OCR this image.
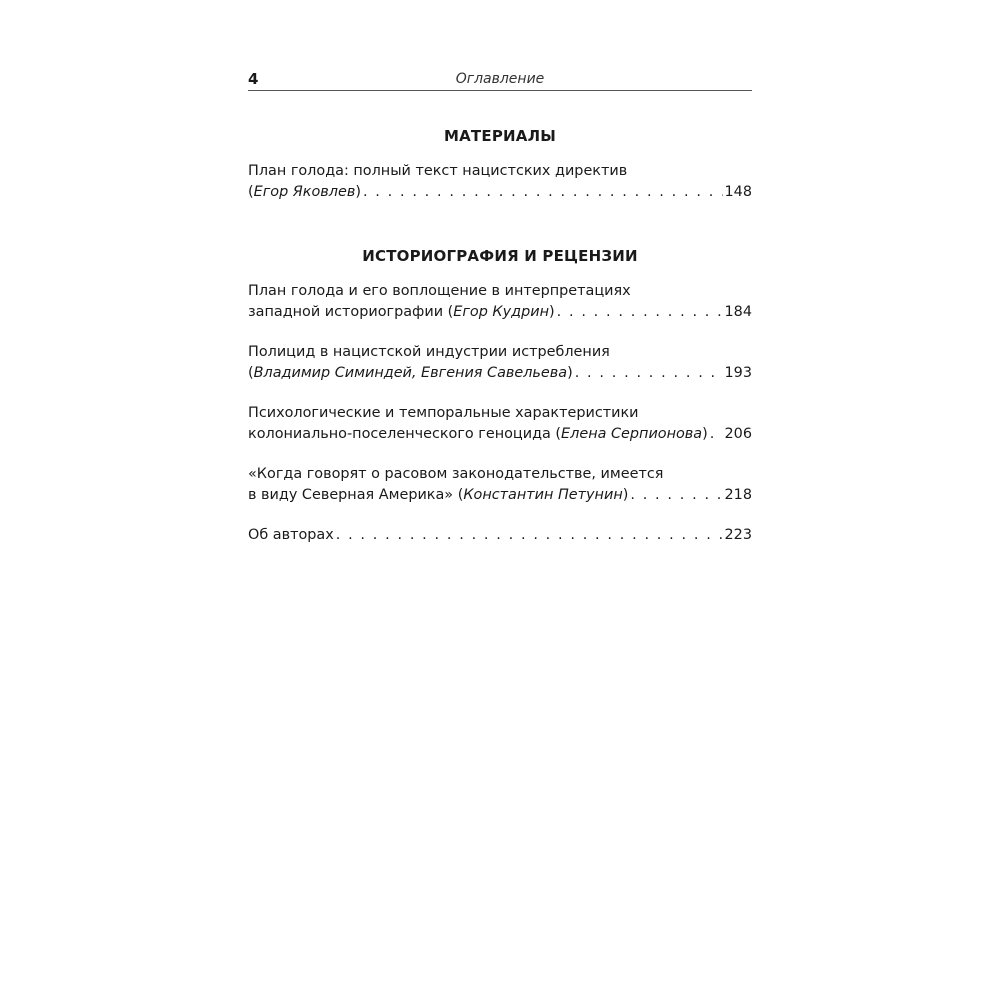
4	Оглавление
МАТЕРИАЛЫ
План голода: полный текст нацистских директив
(Егор Яковлев) . . .	148
ИСТОРИОГРАФИЯ И РЕЦЕНЗИИ
План голода и его воплощение в интерпретациях
западной историографии (Егор Кудрин) . . .	184
Полицид в нацистской индустрии истребления
(Владимир Симиндей, Евгения Савельева) . . .	193
Психологические и темпоральные характеристики
колониально-поселенческого геноцида (Елена Серпионова) . . . 206
«Когда говорят о расовом законодательстве, имеется
в виду Северная Америка» (Константин Петунин) . . .	218
Об авторах . . .	223
